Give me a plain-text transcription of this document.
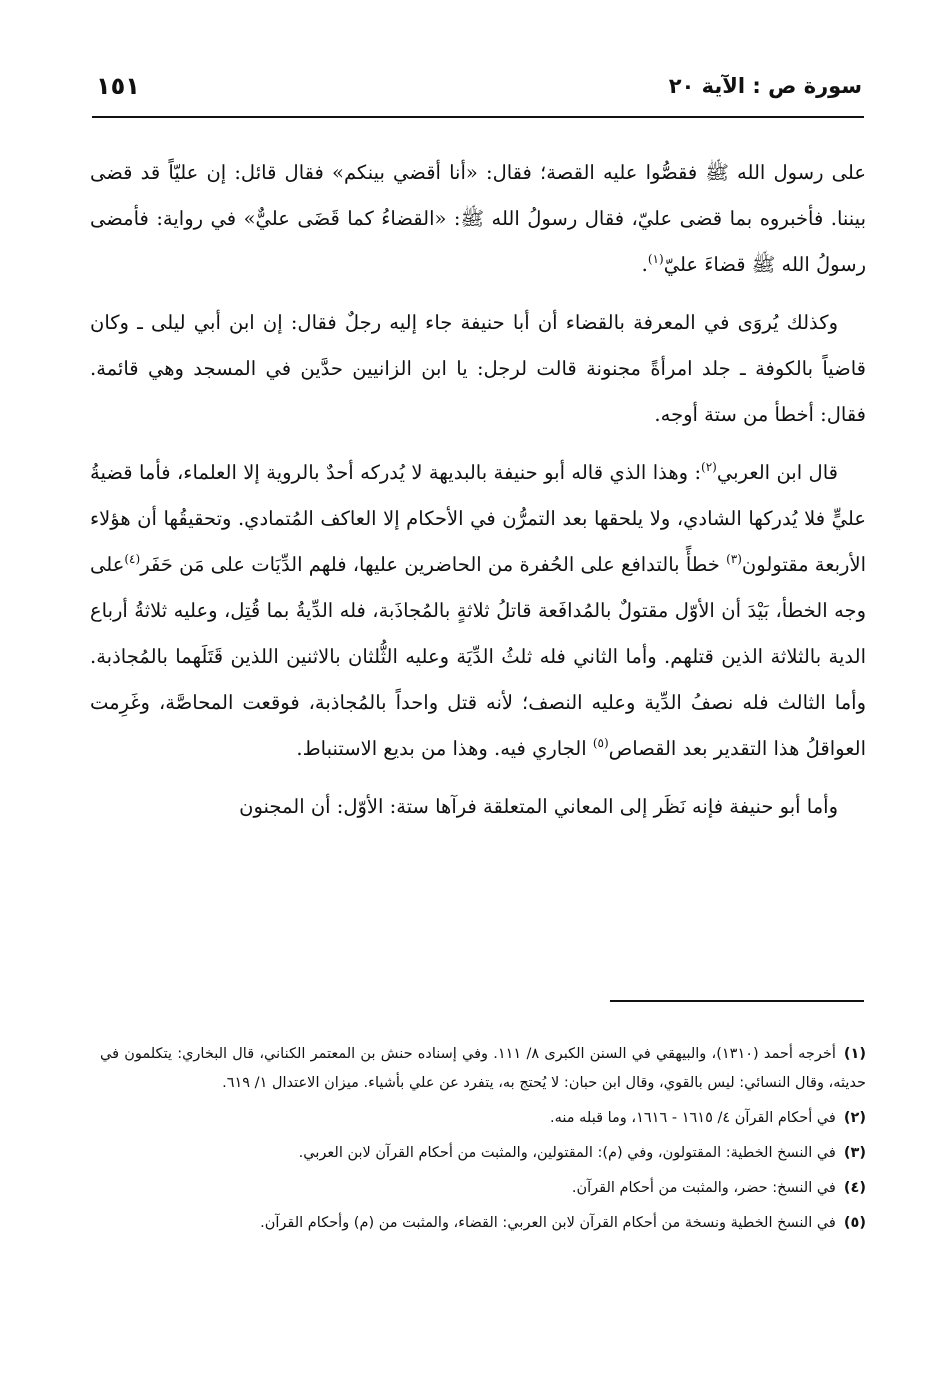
سورة ص : الآية ٢٠
١٥١

على رسول الله ﷺ فقصُّوا عليه القصة؛ فقال: «أنا أقضي بينكم» فقال قائل: إن عليّاً قد قضى بيننا. فأخبروه بما قضى عليّ، فقال رسولُ الله ﷺ: «القضاءُ كما قَضَى عليٌّ» في رواية: فأمضى رسولُ الله ﷺ قضاءَ عليّ$^{(١)}$.

وكذلك يُروَى في المعرفة بالقضاء أن أبا حنيفة جاء إليه رجلٌ فقال: إن ابن أبي ليلى ـ وكان قاضياً بالكوفة ـ جلد امرأةً مجنونة قالت لرجل: يا ابن الزانيين حدَّين في المسجد وهي قائمة. فقال: أخطأ من ستة أوجه.

قال ابن العربي$^{(٢)}$: وهذا الذي قاله أبو حنيفة بالبديهة لا يُدركه أحدٌ بالروية إلا العلماء، فأما قضيةُ عليٍّ فلا يُدركها الشادي، ولا يلحقها بعد التمرُّن في الأحكام إلا العاكف المُتمادي. وتحقيقُها أن هؤلاء الأربعة مقتولون$^{(٣)}$ خطأً بالتدافع على الحُفرة من الحاضرين عليها، فلهم الدِّيَات على مَن حَفَر$^{(٤)}$على وجه الخطأ، بَيْدَ أن الأوّل مقتولٌ بالمُدافَعة قاتلُ ثلاثةٍ بالمُجاذَبة، فله الدِّيةُ بما قُتِل، وعليه ثلاثةُ أرباع الدية بالثلاثة الذين قتلهم. وأما الثاني فله ثلثُ الدِّيَة وعليه الثُّلثان بالاثنين اللذين قَتَلَهما بالمُجاذبة. وأما الثالث فله نصفُ الدِّية وعليه النصف؛ لأنه قتل واحداً بالمُجاذبة، فوقعت المحاصَّة، وغَرِمت العواقلُ هذا التقدير بعد القصاص$^{(٥)}$ الجاري فيه. وهذا من بديع الاستنباط.

وأما أبو حنيفة فإنه نَظَر إلى المعاني المتعلقة فرآها ستة: الأوّل: أن المجنون

(١)أخرجه أحمد (١٣١٠)، والبيهقي في السنن الكبرى ٨/ ١١١. وفي إسناده حنش بن المعتمر الكناني، قال البخاري: يتكلمون في حديثه، وقال النسائي: ليس بالقوي، وقال ابن حبان: لا يُحتج به، يتفرد عن علي بأشياء. ميزان الاعتدال ١/ ٦١٩.
(٢)في أحكام القرآن ٤/ ١٦١٥ - ١٦١٦، وما قبله منه.
(٣)في النسخ الخطية: المقتولون، وفي (م): المقتولين، والمثبت من أحكام القرآن لابن العربي.
(٤)في النسخ: حضر، والمثبت من أحكام القرآن.
(٥)في النسخ الخطية ونسخة من أحكام القرآن لابن العربي: القضاء، والمثبت من (م) وأحكام القرآن.
